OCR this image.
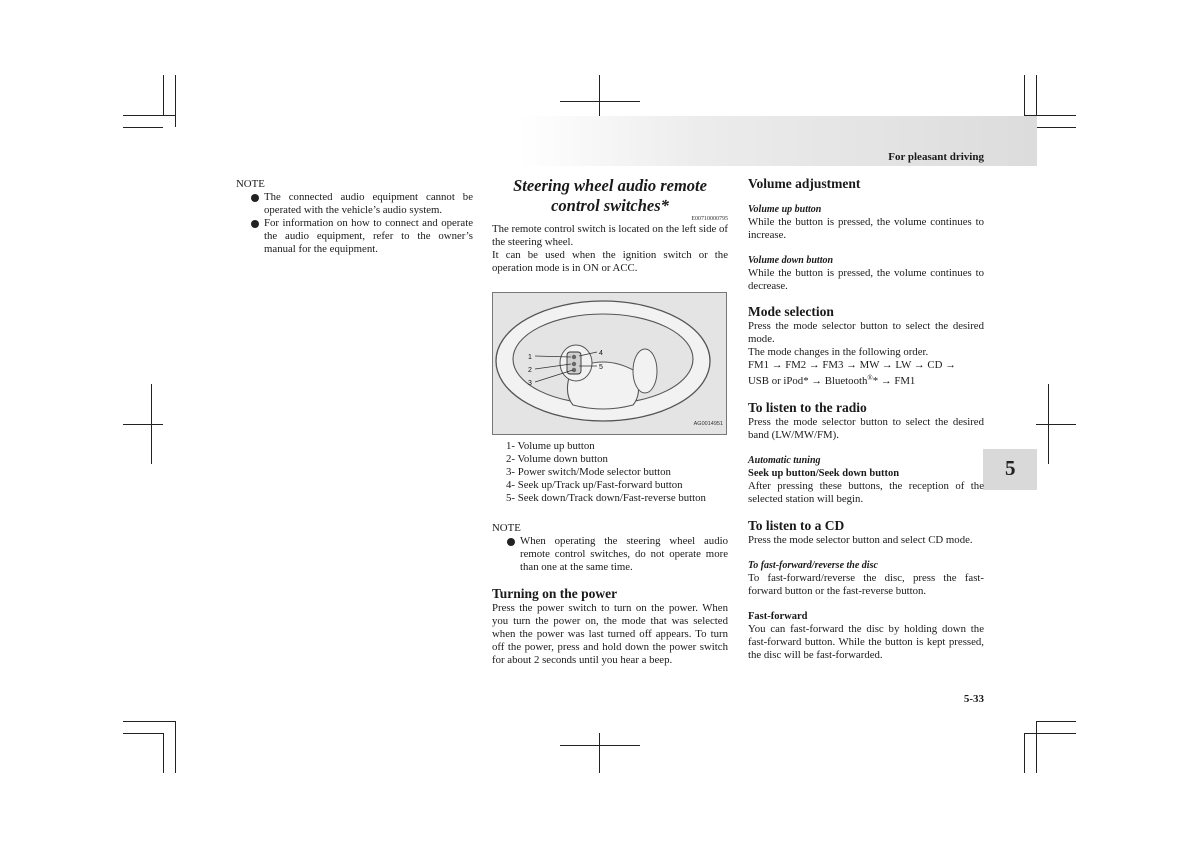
For pleasant driving
5

NOTE

The connected audio equipment cannot be operated with the vehicle’s audio system.
For information on how to connect and operate the audio equipment, refer to the owner’s manual for the equipment.

Steering wheel audio remote
control switches*

E00710000795

The remote control switch is located on the left side of the steering wheel.

It can be used when the ignition switch or the operation mode is in ON or ACC.

1
2
3
4
5
AG0014951
1- Volume up button
2- Volume down button
3- Power switch/Mode selector button
4- Seek up/Track up/Fast-forward button
5- Seek down/Track down/Fast-reverse button

NOTE

When operating the steering wheel audio remote control switches, do not operate more than one at the same time.
Turning on the power

Press the power switch to turn on the power. When you turn the power on, the mode that was selected when the power was last turned off appears. To turn off the power, press and hold down the power switch for about 2 seconds until you hear a beep.

Volume adjustment

Volume up button

While the button is pressed, the volume continues to increase.

Volume down button

While the button is pressed, the volume continues to decrease.

Mode selection

Press the mode selector button to select the desired mode.

The mode changes in the following order.

FM1 → FM2 → FM3 → MW → LW → CD →

USB or iPod* → Bluetooth®* → FM1

To listen to the radio

Press the mode selector button to select the desired band (LW/MW/FM).

Automatic tuning

Seek up button/Seek down button

After pressing these buttons, the reception of the selected station will begin.

To listen to a CD

Press the mode selector button and select CD mode.

To fast-forward/reverse the disc

To fast-forward/reverse the disc, press the fast-forward button or the fast-reverse button.

Fast-forward

You can fast-forward the disc by holding down the fast-forward button. While the button is kept pressed, the disc will be fast-forwarded.

5-33
